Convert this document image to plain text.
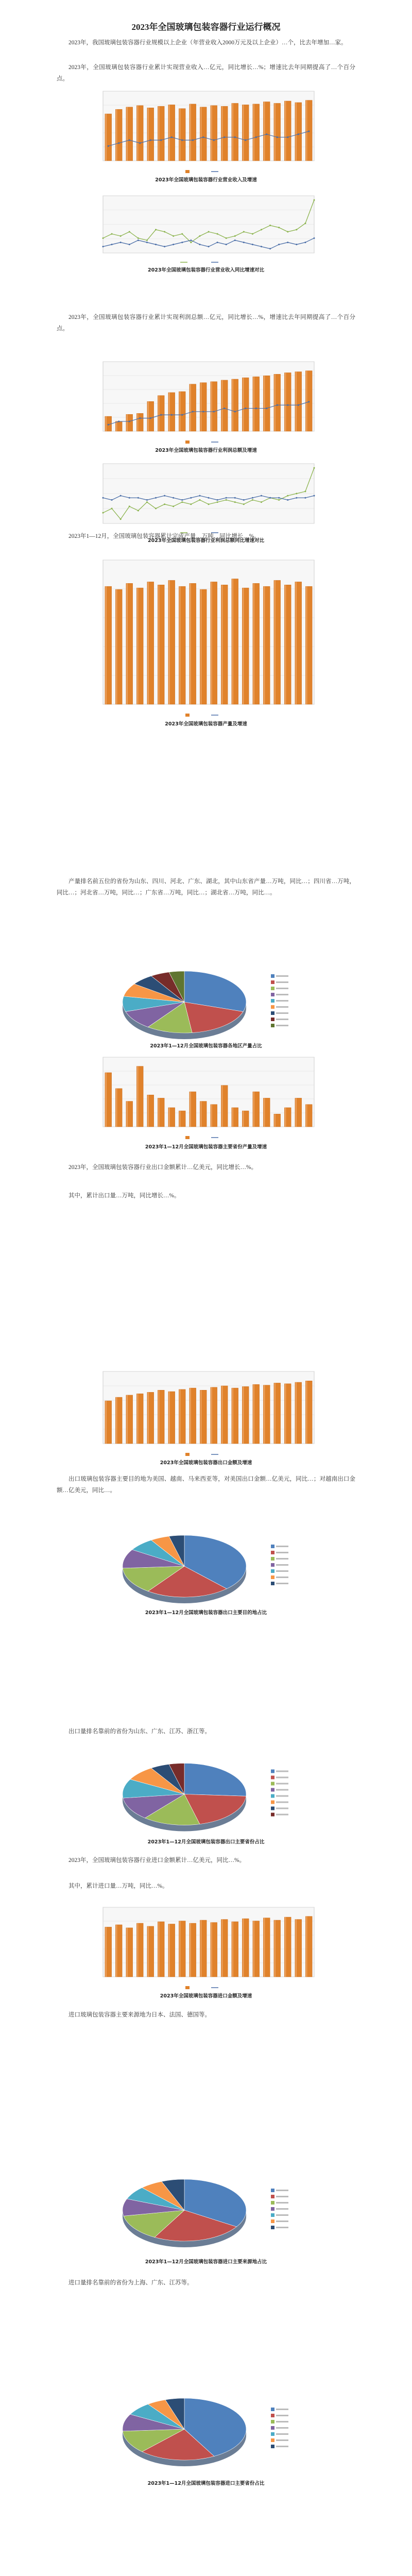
2023年全国玻璃包装容器行业运行概况
2023年，我国玻璃包装容器行业规模以上企业（年营业收入2000万元及以上企业）…个，比去年增加…家。
2023年，全国玻璃包装容器行业累计实现营业收入…亿元，同比增长…%；增速比去年同期提高了…个百分点。
2023年全国玻璃包装容器行业营业收入及增速
2023年全国玻璃包装容器行业营业收入同比增速对比
2023年，全国玻璃包装容器行业累计实现利润总额…亿元，同比增长…%，增速比去年同期提高了…个百分点。
2023年全国玻璃包装容器行业利润总额及增速
2023年全国玻璃包装容器行业利润总额同比增速对比
2023年1—12月，全国玻璃包装容器累计完成产量…万吨，同比增长…%。
2023年全国玻璃包装容器产量及增速
产量排名前五位的省份为山东、四川、河北、广东、湖北，其中山东省产量…万吨，同比…；四川省…万吨，同比…；河北省…万吨，同比…；广东省…万吨，同比…；湖北省…万吨，同比…。
2023年1—12月全国玻璃包装容器各地区产量占比
2023年1—12月全国玻璃包装容器主要省份产量及增速
2023年，全国玻璃包装容器行业出口金额累计…亿美元，同比增长…%。
其中，累计出口量…万吨，同比增长…%。
2023年全国玻璃包装容器出口金额及增速
出口玻璃包装容器主要目的地为美国、越南、马来西亚等，对美国出口金额…亿美元，同比…；对越南出口金额…亿美元，同比…。
2023年1—12月全国玻璃包装容器出口主要目的地占比
出口量排名靠前的省份为山东、广东、江苏、浙江等。
2023年1—12月全国玻璃包装容器出口主要省份占比
2023年，全国玻璃包装容器行业进口金额累计…亿美元，同比…%。
其中，累计进口量…万吨，同比…%。
2023年全国玻璃包装容器进口金额及增速
进口玻璃包装容器主要来源地为日本、法国、德国等。
2023年1—12月全国玻璃包装容器进口主要来源地占比
进口量排名靠前的省份为上海、广东、江苏等。
2023年1—12月全国玻璃包装容器进口主要省份占比
